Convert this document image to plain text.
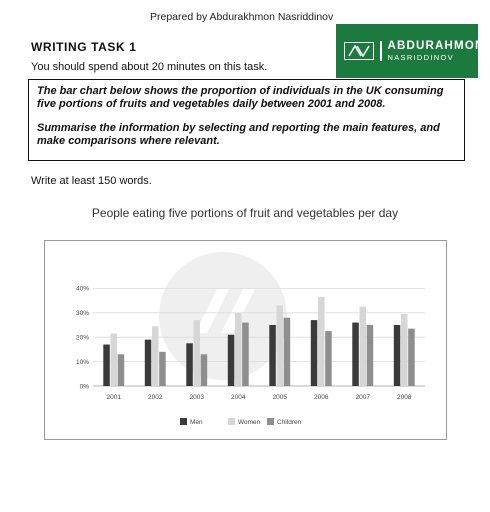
Prepared by Abdurakhmon Nasriddinov
ABDURAHMON
NASRIDDINOV
WRITING TASK 1
You should spend about 20 minutes on this task.

The bar chart below shows the proportion of individuals in the UK consuming five portions of fruits and vegetables daily between 2001 and 2008.

Summarise the information by selecting and reporting the main features, and make comparisons where relevant.

Write at least 150 words.
People eating five portions of fruit and vegetables per day
0%
10%
20%
30%
40%
2001	2002	2003	2004	2005	2006	2007	2008
Men	Women	Children
